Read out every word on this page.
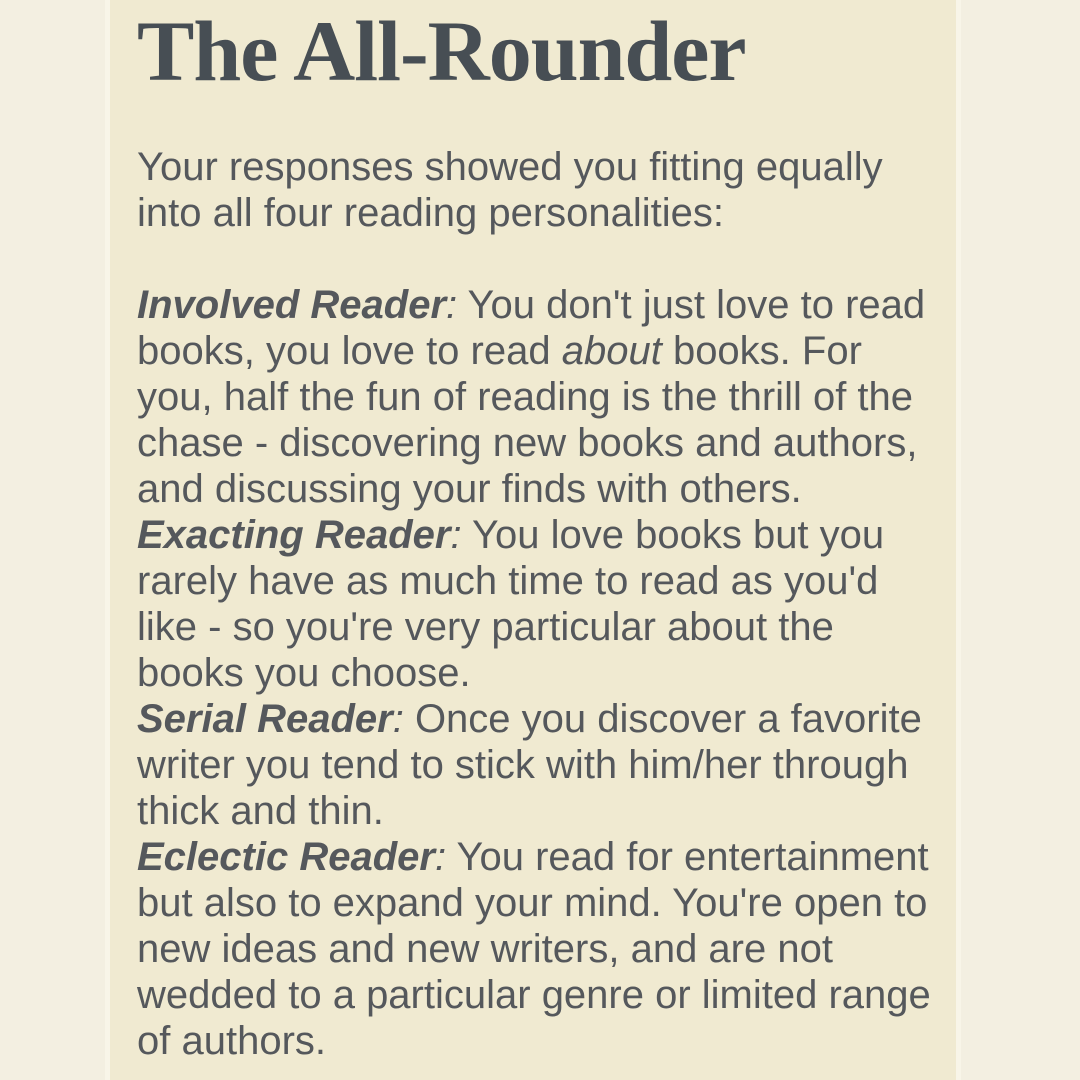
The All-Rounder

Your responses showed you fitting equally into all four reading personalities:

Involved Reader: You don't just love to read books, you love to read about books. For you, half the fun of reading is the thrill of the chase - discovering new books and authors, and discussing your finds with others.

Exacting Reader: You love books but you rarely have as much time to read as you'd like - so you're very particular about the books you choose.

Serial Reader: Once you discover a favorite writer you tend to stick with him/her through thick and thin.

Eclectic Reader: You read for entertainment but also to expand your mind. You're open to new ideas and new writers, and are not wedded to a particular genre or limited range of authors.
